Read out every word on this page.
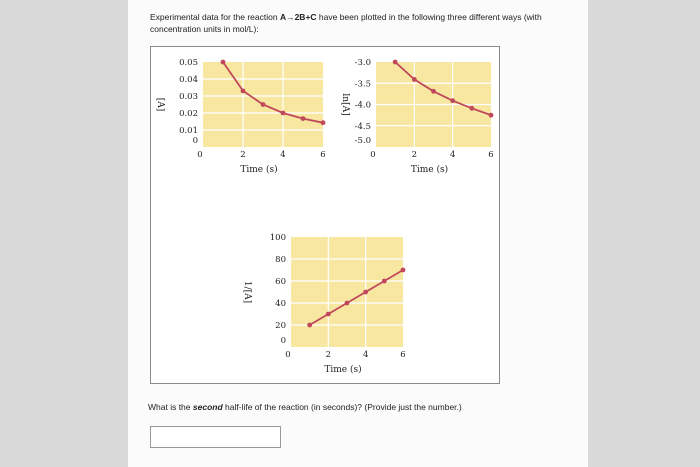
Experimental data for the reaction A→2B+C have been plotted in the following three different ways (with concentration units in mol/L):
0	2	4	6
0
0.01
0.02
0.03
0.04
0.05
Time (s)
[A]
0	2	4	6
-5.0
-4.5
-4.0
-3.5
-3.0
Time (s)
ln[A]
0	2	4	6
0
20
40
60
80
100
Time (s)
1/[A]
What is the second half-life of the reaction (in seconds)? (Provide just the number.)
